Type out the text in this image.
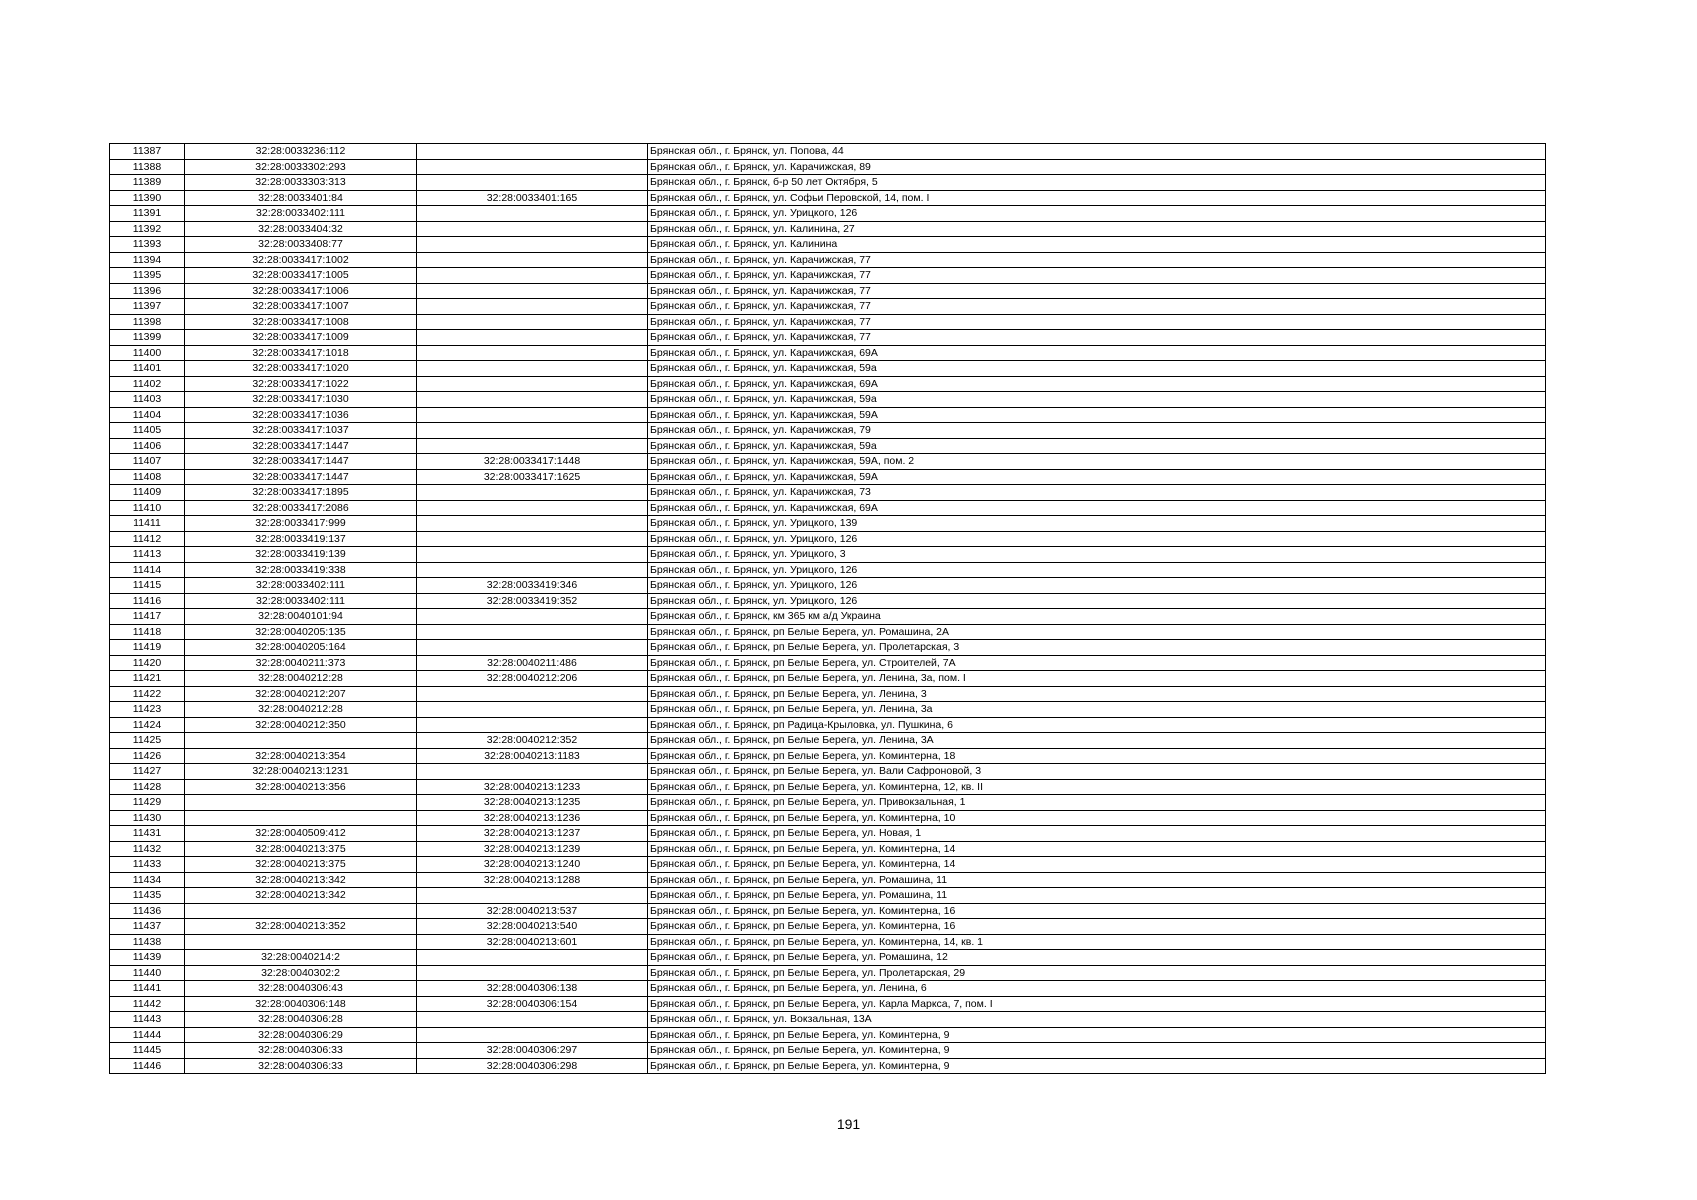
11387	32:28:0033236:112		Брянская обл., г. Брянск, ул. Попова, 44
11388	32:28:0033302:293		Брянская обл., г. Брянск, ул. Карачижская, 89
11389	32:28:0033303:313		Брянская обл., г. Брянск, б-р 50 лет Октября, 5
11390	32:28:0033401:84	32:28:0033401:165	Брянская обл., г. Брянск, ул. Софьи Перовской, 14, пом. I
11391	32:28:0033402:111		Брянская обл., г. Брянск, ул. Урицкого, 126
11392	32:28:0033404:32		Брянская обл., г. Брянск, ул. Калинина, 27
11393	32:28:0033408:77		Брянская обл., г. Брянск, ул. Калинина
11394	32:28:0033417:1002		Брянская обл., г. Брянск, ул. Карачижская, 77
11395	32:28:0033417:1005		Брянская обл., г. Брянск, ул. Карачижская, 77
11396	32:28:0033417:1006		Брянская обл., г. Брянск, ул. Карачижская, 77
11397	32:28:0033417:1007		Брянская обл., г. Брянск, ул. Карачижская, 77
11398	32:28:0033417:1008		Брянская обл., г. Брянск, ул. Карачижская, 77
11399	32:28:0033417:1009		Брянская обл., г. Брянск, ул. Карачижская, 77
11400	32:28:0033417:1018		Брянская обл., г. Брянск, ул. Карачижская, 69А
11401	32:28:0033417:1020		Брянская обл., г. Брянск, ул. Карачижская, 59а
11402	32:28:0033417:1022		Брянская обл., г. Брянск, ул. Карачижская, 69А
11403	32:28:0033417:1030		Брянская обл., г. Брянск, ул. Карачижская, 59а
11404	32:28:0033417:1036		Брянская обл., г. Брянск, ул. Карачижская, 59А
11405	32:28:0033417:1037		Брянская обл., г. Брянск, ул. Карачижская, 79
11406	32:28:0033417:1447		Брянская обл., г. Брянск, ул. Карачижская, 59а
11407	32:28:0033417:1447	32:28:0033417:1448	Брянская обл., г. Брянск, ул. Карачижская, 59А, пом. 2
11408	32:28:0033417:1447	32:28:0033417:1625	Брянская обл., г. Брянск, ул. Карачижская, 59А
11409	32:28:0033417:1895		Брянская обл., г. Брянск, ул. Карачижская, 73
11410	32:28:0033417:2086		Брянская обл., г. Брянск, ул. Карачижская, 69А
11411	32:28:0033417:999		Брянская обл., г. Брянск, ул. Урицкого, 139
11412	32:28:0033419:137		Брянская обл., г. Брянск, ул. Урицкого, 126
11413	32:28:0033419:139		Брянская обл., г. Брянск, ул. Урицкого, 3
11414	32:28:0033419:338		Брянская обл., г. Брянск, ул. Урицкого, 126
11415	32:28:0033402:111	32:28:0033419:346	Брянская обл., г. Брянск, ул. Урицкого, 126
11416	32:28:0033402:111	32:28:0033419:352	Брянская обл., г. Брянск, ул. Урицкого, 126
11417	32:28:0040101:94		Брянская обл., г. Брянск, км 365 км а/д Украина
11418	32:28:0040205:135		Брянская обл., г. Брянск, рп Белые Берега, ул. Ромашина, 2А
11419	32:28:0040205:164		Брянская обл., г. Брянск, рп Белые Берега, ул. Пролетарская, 3
11420	32:28:0040211:373	32:28:0040211:486	Брянская обл., г. Брянск, рп Белые Берега, ул. Строителей, 7А
11421	32:28:0040212:28	32:28:0040212:206	Брянская обл., г. Брянск, рп Белые Берега, ул. Ленина, 3а, пом. I
11422	32:28:0040212:207		Брянская обл., г. Брянск, рп Белые Берега, ул. Ленина, 3
11423	32:28:0040212:28		Брянская обл., г. Брянск, рп Белые Берега, ул. Ленина, 3а
11424	32:28:0040212:350		Брянская обл., г. Брянск, рп Радица-Крыловка, ул. Пушкина, 6
11425		32:28:0040212:352	Брянская обл., г. Брянск, рп Белые Берега, ул. Ленина, 3А
11426	32:28:0040213:354	32:28:0040213:1183	Брянская обл., г. Брянск, рп Белые Берега, ул. Коминтерна, 18
11427	32:28:0040213:1231		Брянская обл., г. Брянск, рп Белые Берега, ул. Вали Сафроновой, 3
11428	32:28:0040213:356	32:28:0040213:1233	Брянская обл., г. Брянск, рп Белые Берега, ул. Коминтерна, 12, кв. II
11429		32:28:0040213:1235	Брянская обл., г. Брянск, рп Белые Берега, ул. Привокзальная, 1
11430		32:28:0040213:1236	Брянская обл., г. Брянск, рп Белые Берега, ул. Коминтерна, 10
11431	32:28:0040509:412	32:28:0040213:1237	Брянская обл., г. Брянск, рп Белые Берега, ул. Новая, 1
11432	32:28:0040213:375	32:28:0040213:1239	Брянская обл., г. Брянск, рп Белые Берега, ул. Коминтерна, 14
11433	32:28:0040213:375	32:28:0040213:1240	Брянская обл., г. Брянск, рп Белые Берега, ул. Коминтерна, 14
11434	32:28:0040213:342	32:28:0040213:1288	Брянская обл., г. Брянск, рп Белые Берега, ул. Ромашина, 11
11435	32:28:0040213:342		Брянская обл., г. Брянск, рп Белые Берега, ул. Ромашина, 11
11436		32:28:0040213:537	Брянская обл., г. Брянск, рп Белые Берега, ул. Коминтерна, 16
11437	32:28:0040213:352	32:28:0040213:540	Брянская обл., г. Брянск, рп Белые Берега, ул. Коминтерна, 16
11438		32:28:0040213:601	Брянская обл., г. Брянск, рп Белые Берега, ул. Коминтерна, 14, кв. 1
11439	32:28:0040214:2		Брянская обл., г. Брянск, рп Белые Берега, ул. Ромашина, 12
11440	32:28:0040302:2		Брянская обл., г. Брянск, рп Белые Берега, ул. Пролетарская, 29
11441	32:28:0040306:43	32:28:0040306:138	Брянская обл., г. Брянск, рп Белые Берега, ул. Ленина, 6
11442	32:28:0040306:148	32:28:0040306:154	Брянская обл., г. Брянск, рп Белые Берега, ул. Карла Маркса, 7, пом. I
11443	32:28:0040306:28		Брянская обл., г. Брянск, ул. Вокзальная, 13А
11444	32:28:0040306:29		Брянская обл., г. Брянск, рп Белые Берега, ул. Коминтерна, 9
11445	32:28:0040306:33	32:28:0040306:297	Брянская обл., г. Брянск, рп Белые Берега, ул. Коминтерна, 9
11446	32:28:0040306:33	32:28:0040306:298	Брянская обл., г. Брянск, рп Белые Берега, ул. Коминтерна, 9
191
